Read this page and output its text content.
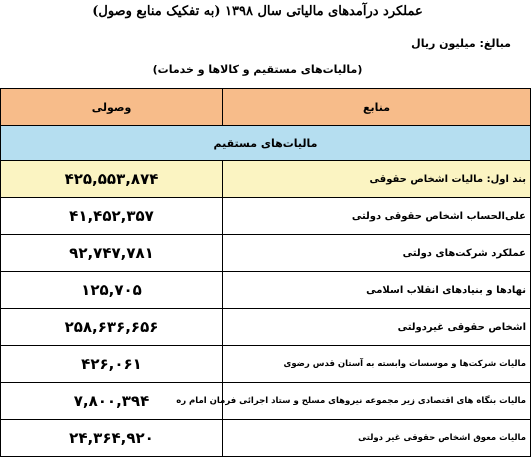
عملکرد درآمدهای مالیاتی سال ۱۳۹۸ (به تفکیک منابع وصول)
مبالغ: میلیون ریال
(مالیات‌های مستقیم و کالاها و خدمات)
وصولی	منابع
مالیات‌های مستقیم	
۴۲۵,۵۵۳,۸۷۴	بند اول: مالیات اشخاص حقوقی
۴۱,۴۵۲,۳۵۷	علی‌الحساب اشخاص حقوقی دولتی
۹۲,۷۴۷,۷۸۱	عملکرد شرکت‌های دولتی
۱۲۵,۷۰۵	نهادها و بنیادهای انقلاب اسلامی
۲۵۸,۶۳۶,۶۵۶	اشخاص حقوقی غیردولتی
۴۲۶,۰۶۱	مالیات شرکت‌ها و موسسات وابسته به آستان قدس رضوی
۷,۸۰۰,۳۹۴	مالیات بنگاه های اقتصادی زیر مجموعه نیروهای مسلح و ستاد اجرائی فرمان امام ره
۲۴,۳۶۴,۹۲۰	مالیات معوق اشخاص حقوقی غیر دولتی
